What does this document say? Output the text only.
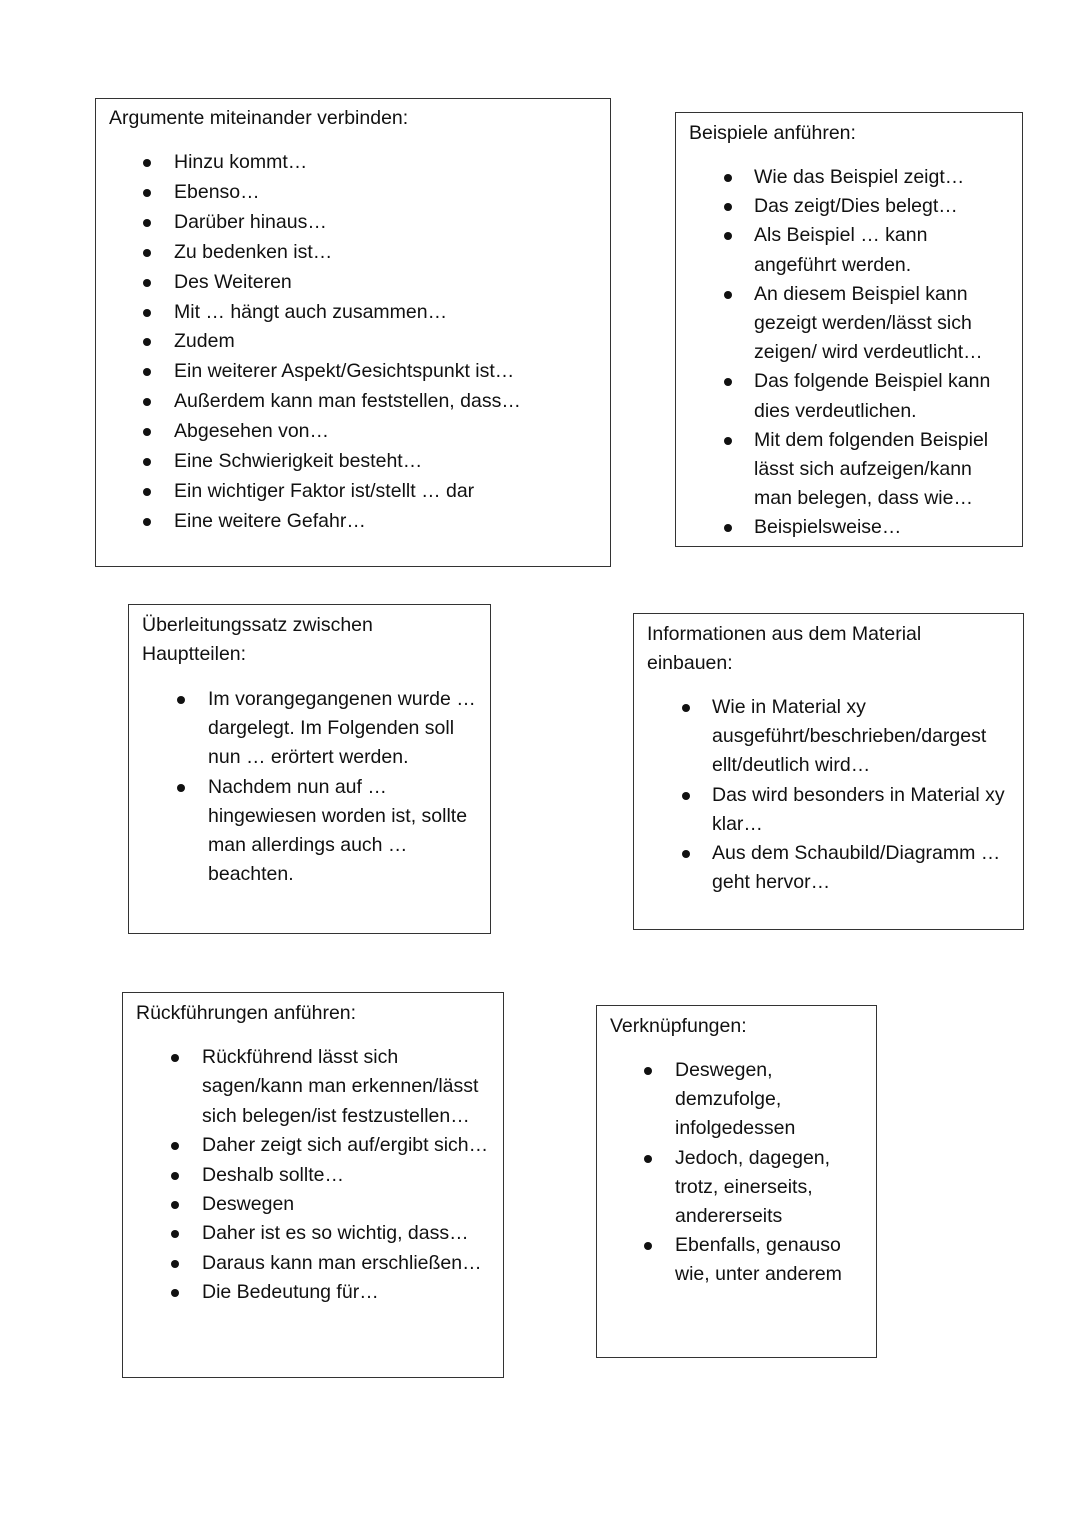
Argumente miteinander verbinden:
Hinzu kommt…
Ebenso…
Darüber hinaus…
Zu bedenken ist…
Des Weiteren
Mit … hängt auch zusammen…
Zudem
Ein weiterer Aspekt/Gesichtspunkt ist…
Außerdem kann man feststellen, dass…
Abgesehen von…
Eine Schwierigkeit besteht…
Ein wichtiger Faktor ist/stellt … dar
Eine weitere Gefahr…
Beispiele anführen:
Wie das Beispiel zeigt…
Das zeigt/Dies belegt…
Als Beispiel … kann angeführt werden.
An diesem Beispiel kann gezeigt werden/lässt sich zeigen/ wird verdeutlicht…
Das folgende Beispiel kann dies verdeutlichen.
Mit dem folgenden Beispiel lässt sich aufzeigen/kann man belegen, dass wie…
Beispielsweise…
Überleitungssatz zwischen
Hauptteilen:
Im vorangegangenen wurde … dargelegt. Im Folgenden soll nun … erörtert werden.
Nachdem nun auf … hingewiesen worden ist, sollte man allerdings auch … beachten.
Informationen aus dem Material
einbauen:
Wie in Material xy ausgeführt/beschrieben/dargest ellt/deutlich wird…
Das wird besonders in Material xy klar…
Aus dem Schaubild/Diagramm … geht hervor…
Rückführungen anführen:
Rückführend lässt sich sagen/kann man erkennen/lässt sich belegen/ist festzustellen…
Daher zeigt sich auf/ergibt sich…
Deshalb sollte…
Deswegen
Daher ist es so wichtig, dass…
Daraus kann man erschließen…
Die Bedeutung für…
Verknüpfungen:
Deswegen, demzufolge, infolgedessen
Jedoch, dagegen, trotz, einerseits, andererseits
Ebenfalls, genauso wie, unter anderem
